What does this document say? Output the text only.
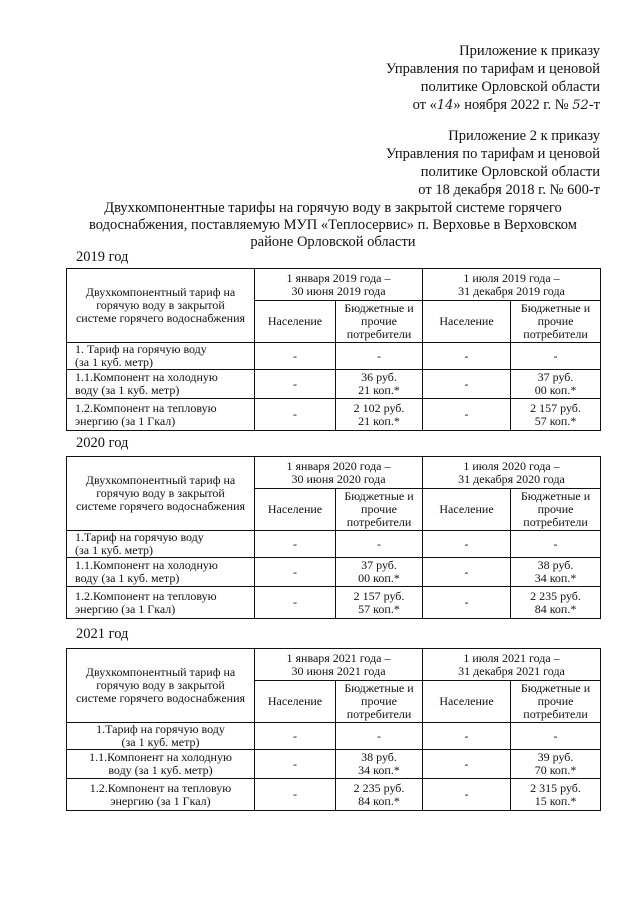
Приложение к приказу
Управления по тарифам и ценовой
политике Орловской области
от «14» ноября 2022 г. № 52-т
Приложение 2 к приказу
Управления по тарифам и ценовой
политике Орловской области
от 18 декабря 2018 г. № 600-т
Двухкомпонентные тарифы на горячую воду в закрытой системе горячего
водоснабжения, поставляемую МУП «Теплосервис» п. Верховье в Верховском
районе Орловской области
2019 год
Двухкомпонентный тариф на
горячую воду в закрытой
системе горячего водоснабжения	1 января 2019 года –
30 июня 2019 года		1 июля 2019 года –
31 декабря 2019 года	
	Население	Бюджетные и
прочие
потребители	Население	Бюджетные и
прочие
потребители
1. Тариф на горячую воду
(за 1 куб. метр)	-	-	-	-
1.1.Компонент на холодную
воду (за 1 куб. метр)	-	36 руб.
21 коп.*	-	37 руб.
00 коп.*
1.2.Компонент на тепловую
энергию (за 1 Гкал)	-	2 102 руб.
21 коп.*	-	2 157 руб.
57 коп.*
2020 год
Двухкомпонентный тариф на
горячую воду в закрытой
системе горячего водоснабжения	1 января 2020 года –
30 июня 2020 года		1 июля 2020 года –
31 декабря 2020 года	
	Население	Бюджетные и
прочие
потребители	Население	Бюджетные и
прочие
потребители
1.Тариф на горячую воду
(за 1 куб. метр)	-	-	-	-
1.1.Компонент на холодную
воду (за 1 куб. метр)	-	37 руб.
00 коп.*	-	38 руб.
34 коп.*
1.2.Компонент на тепловую
энергию (за 1 Гкал)	-	2 157 руб.
57 коп.*	-	2 235 руб.
84 коп.*
2021 год
Двухкомпонентный тариф на
горячую воду в закрытой
системе горячего водоснабжения	1 января 2021 года –
30 июня 2021 года		1 июля 2021 года –
31 декабря 2021 года	
	Население	Бюджетные и
прочие
потребители	Население	Бюджетные и
прочие
потребители
1.Тариф на горячую воду
(за 1 куб. метр)	-	-	-	-
1.1.Компонент на холодную
воду (за 1 куб. метр)	-	38 руб.
34 коп.*	-	39 руб.
70 коп.*
1.2.Компонент на тепловую
энергию (за 1 Гкал)	-	2 235 руб.
84 коп.*	-	2 315 руб.
15 коп.*
